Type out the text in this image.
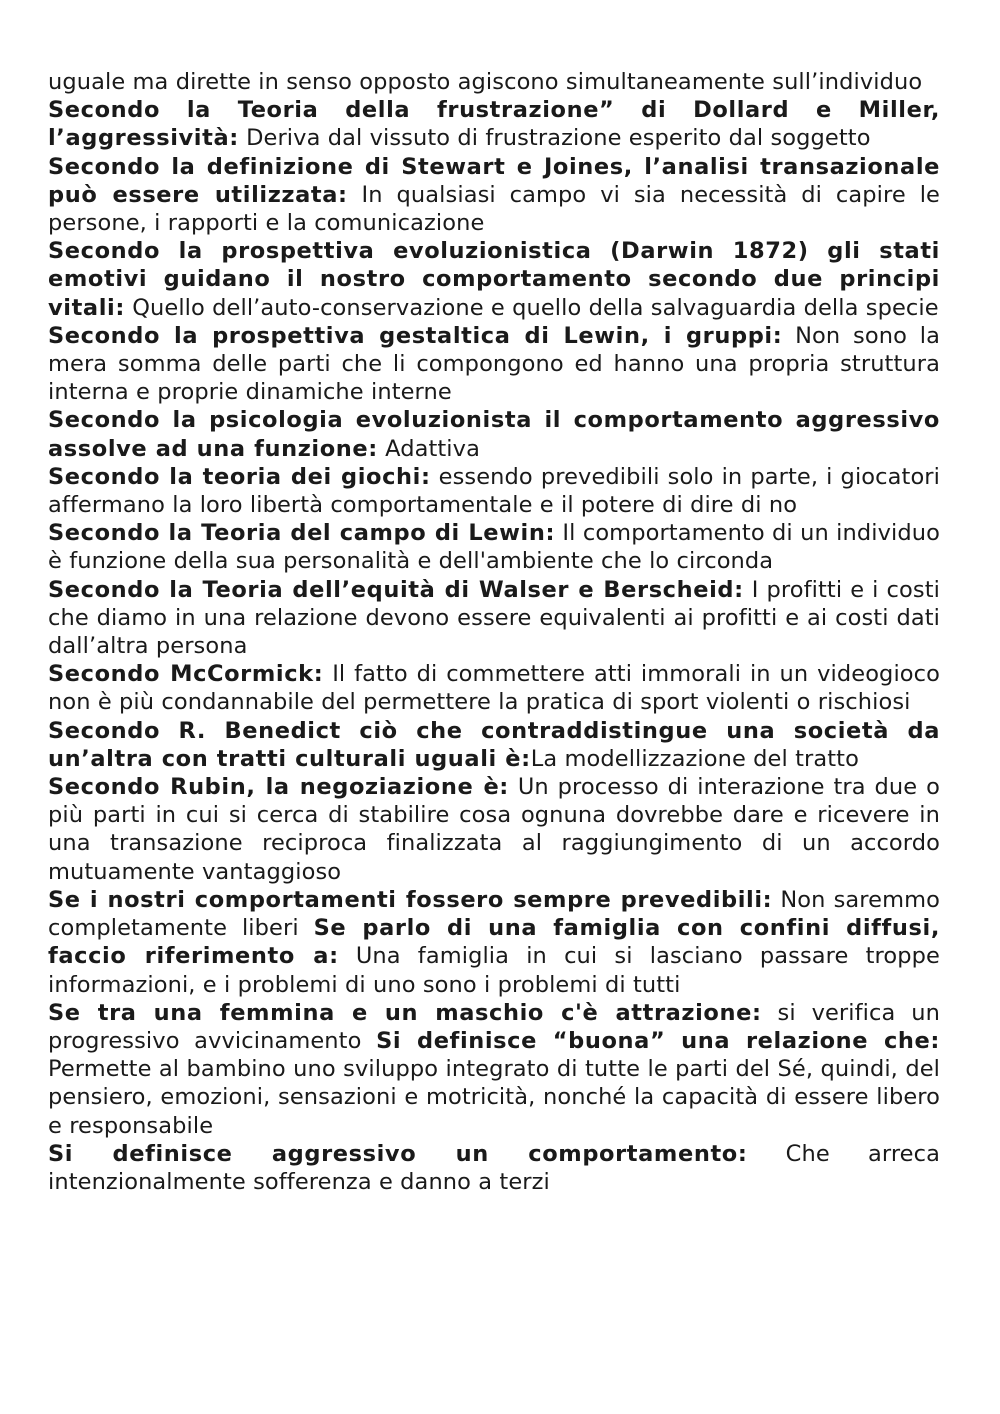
uguale ma dirette in senso opposto agiscono simultaneamente sull’individuo

Secondo la Teoria della frustrazione” di Dollard e Miller, l’aggressività: Deriva dal vissuto di frustrazione esperito dal soggetto

Secondo la definizione di Stewart e Joines, l’analisi transazionale può essere utilizzata: In qualsiasi campo vi sia necessità di capire le persone, i rapporti e la comunicazione

Secondo la prospettiva evoluzionistica (Darwin 1872) gli stati emotivi guidano il nostro comportamento secondo due principi vitali: Quello dell’auto-conservazione e quello della salvaguardia della specie

Secondo la prospettiva gestaltica di Lewin, i gruppi: Non sono la mera somma delle parti che li compongono ed hanno una propria struttura interna e proprie dinamiche interne

Secondo la psicologia evoluzionista il comportamento aggressivo assolve ad una funzione: Adattiva

Secondo la teoria dei giochi: essendo prevedibili solo in parte, i giocatori affermano la loro libertà comportamentale e il potere di dire di no

Secondo la Teoria del campo di Lewin: Il comportamento di un individuo è funzione della sua personalità e dell'ambiente che lo circonda

Secondo la Teoria dell’equità di Walser e Berscheid: I profitti e i costi che diamo in una relazione devono essere equivalenti ai profitti e ai costi dati dall’altra persona

Secondo McCormick: Il fatto di commettere atti immorali in un videogioco non è più condannabile del permettere la pratica di sport violenti o rischiosi

Secondo R. Benedict ciò che contraddistingue una società da un’altra con tratti culturali uguali è:La modellizzazione del tratto

Secondo Rubin, la negoziazione è: Un processo di interazione tra due o più parti in cui si cerca di stabilire cosa ognuna dovrebbe dare e ricevere in una transazione reciproca finalizzata al raggiungimento di un accordo mutuamente vantaggioso

Se i nostri comportamenti fossero sempre prevedibili: Non saremmo completamente liberi Se parlo di una famiglia con confini diffusi, faccio riferimento a: Una famiglia in cui si lasciano passare troppe informazioni, e i problemi di uno sono i problemi di tutti

Se tra una femmina e un maschio c'è attrazione: si verifica un progressivo avvicinamento Si definisce “buona” una relazione che: Permette al bambino uno sviluppo integrato di tutte le parti del Sé, quindi, del pensiero, emozioni, sensazioni e motricità, nonché la capacità di essere libero e responsabile

Si definisce aggressivo un comportamento: Che arreca intenzionalmente sofferenza e danno a terzi
